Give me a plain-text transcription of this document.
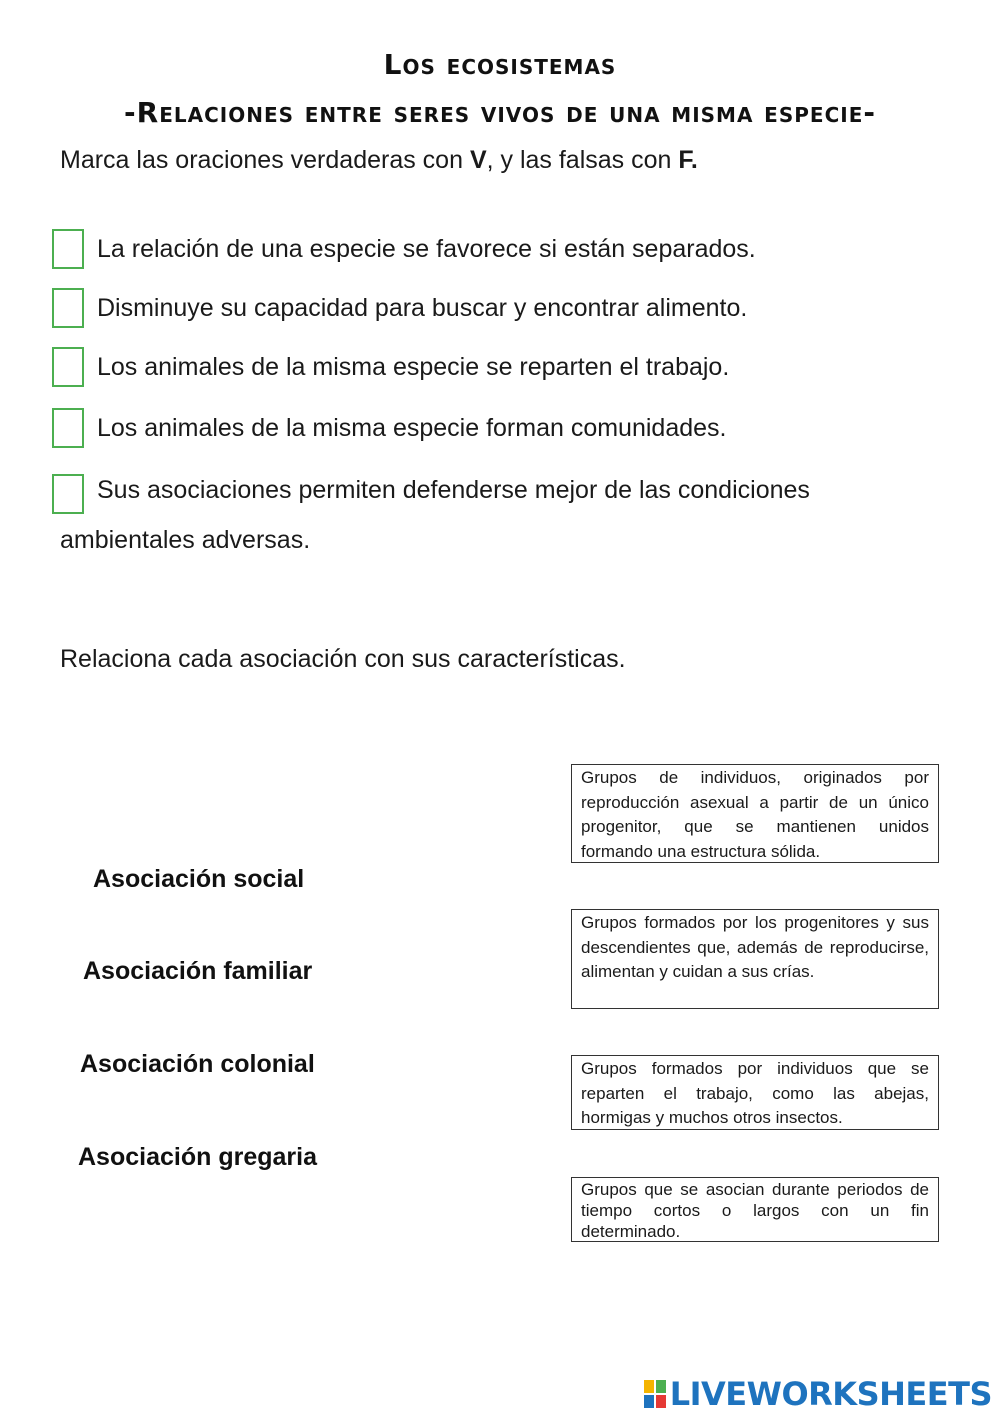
Los ecosistemas
-Relaciones entre seres vivos de una misma especie-
Marca las oraciones verdaderas con V, y las falsas con F.
La relación de una especie se favorece si están separados.
Disminuye su capacidad para buscar y encontrar alimento.
Los animales de la misma especie se reparten el trabajo.
Los animales de la misma especie forman comunidades.
Sus asociaciones permiten defenderse mejor de las condiciones
ambientales adversas.
Relaciona cada asociación con sus características.
Asociación social
Asociación familiar
Asociación colonial
Asociación gregaria
Grupos de individuos, originados por reproducción asexual a partir de un único progenitor, que se mantienen unidos formando una estructura sólida.
Grupos formados por los progenitores y sus descendientes que, además de reproducirse, alimentan y cuidan a sus crías.
Grupos formados por individuos que se reparten el trabajo, como las abejas, hormigas y muchos otros insectos.
Grupos que se asocian durante periodos de tiempo cortos o largos con un fin determinado.
LIVEWORKSHEETS
